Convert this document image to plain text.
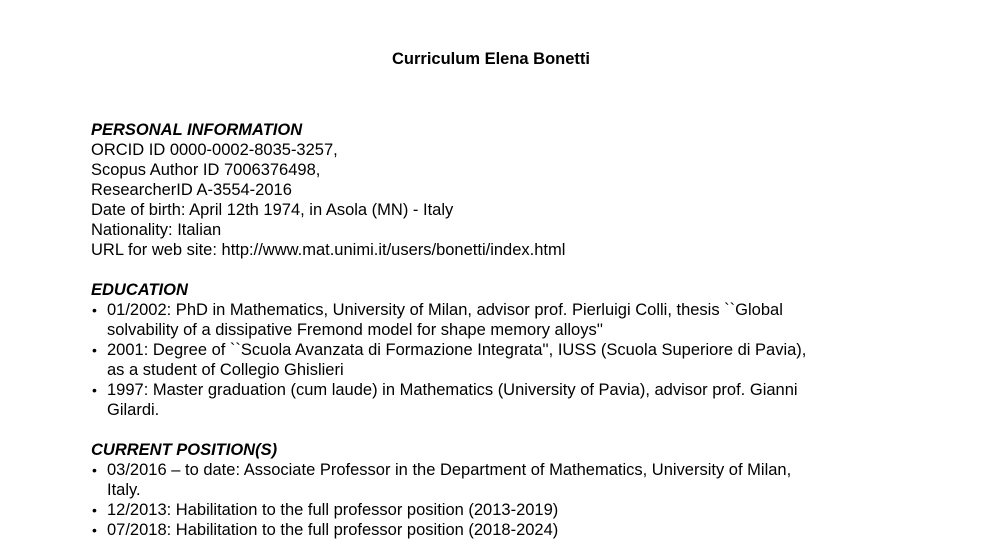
Curriculum Elena Bonetti

PERSONAL INFORMATION

ORCID ID 0000-0002-8035-3257,

Scopus Author ID 7006376498,

ResearcherID A-3554-2016

Date of birth: April 12th 1974, in Asola (MN) - Italy

Nationality: Italian

URL for web site: http://www.mat.unimi.it/users/bonetti/index.html

EDUCATION

• 01/2002: PhD in Mathematics, University of Milan, advisor prof. Pierluigi Colli, thesis ``Global
solvability of a dissipative Fremond model for shape memory alloys''
• 2001: Degree of ``Scuola Avanzata di Formazione Integrata'', IUSS (Scuola Superiore di Pavia),
as a student of Collegio Ghislieri
• 1997: Master graduation (cum laude) in Mathematics (University of Pavia), advisor prof. Gianni
Gilardi.

CURRENT POSITION(S)

• 03/2016 – to date: Associate Professor in the Department of Mathematics, University of Milan,
Italy.
• 12/2013: Habilitation to the full professor position (2013-2019)
• 07/2018: Habilitation to the full professor position (2018-2024)
